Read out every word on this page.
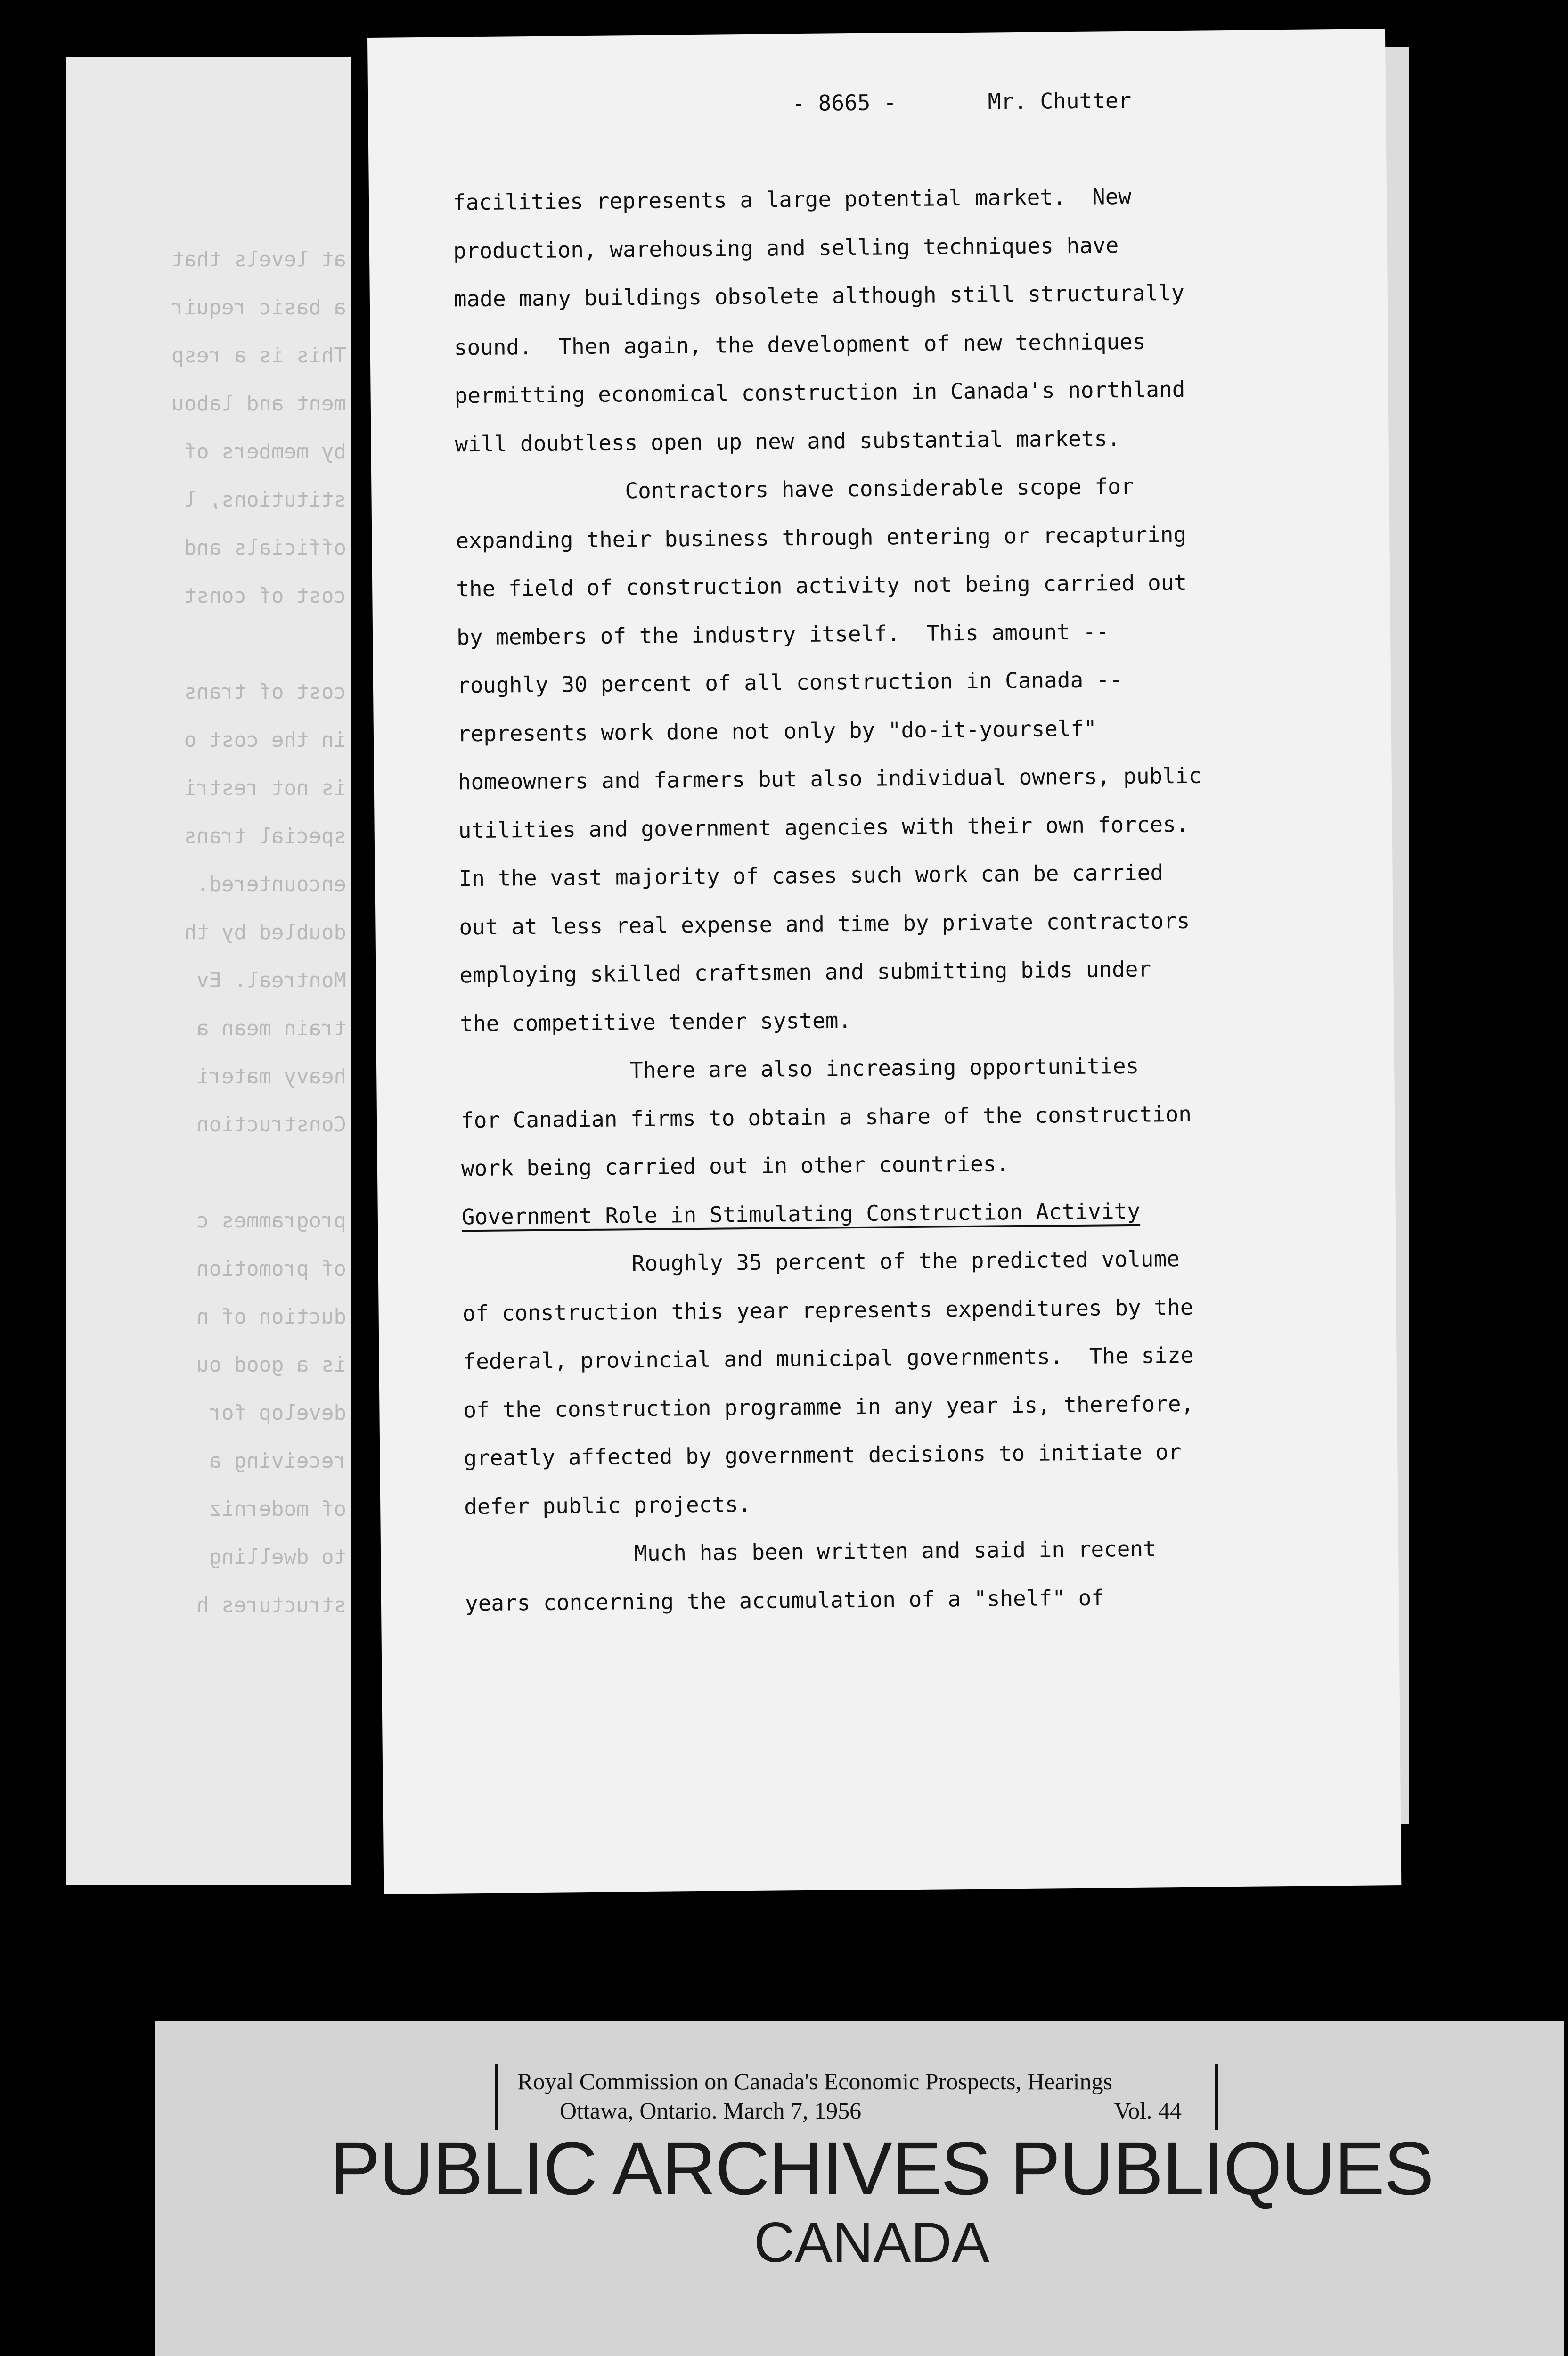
at levels that
a basic requir
This is a resp
ment and labou
by members of
stitutions, l
officials and
cost of const

cost of trans
in the cost o
is not restri
special trans
encountered.
doubled by th
Montreal. Ev
train mean a
heavy materi
Construction

programmes c
of promotion
duction of n
is a good ou
develop for
receiving a
of moderniz
to dwelling
structures h
- 8665 -	Mr. Chutter
facilities represents a large potential market.  New
production, warehousing and selling techniques have
made many buildings obsolete although still structurally
sound.  Then again, the development of new techniques
permitting economical construction in Canada's northland
will doubtless open up new and substantial markets.
Contractors have considerable scope for
expanding their business through entering or recapturing
the field of construction activity not being carried out
by members of the industry itself.  This amount --
roughly 30 percent of all construction in Canada --
represents work done not only by "do-it-yourself"
homeowners and farmers but also individual owners, public
utilities and government agencies with their own forces.
In the vast majority of cases such work can be carried
out at less real expense and time by private contractors
employing skilled craftsmen and submitting bids under
the competitive tender system.
There are also increasing opportunities
for Canadian firms to obtain a share of the construction
work being carried out in other countries.
Government Role in Stimulating Construction Activity
Roughly 35 percent of the predicted volume
of construction this year represents expenditures by the
federal, provincial and municipal governments.  The size
of the construction programme in any year is, therefore,
greatly affected by government decisions to initiate or
defer public projects.
Much has been written and said in recent
years concerning the accumulation of a "shelf" of
Royal Commission on Canada's Economic Prospects, Hearings
Ottawa, Ontario. March 7, 1956	Vol. 44
PUBLIC ARCHIVES PUBLIQUES
CANADA
